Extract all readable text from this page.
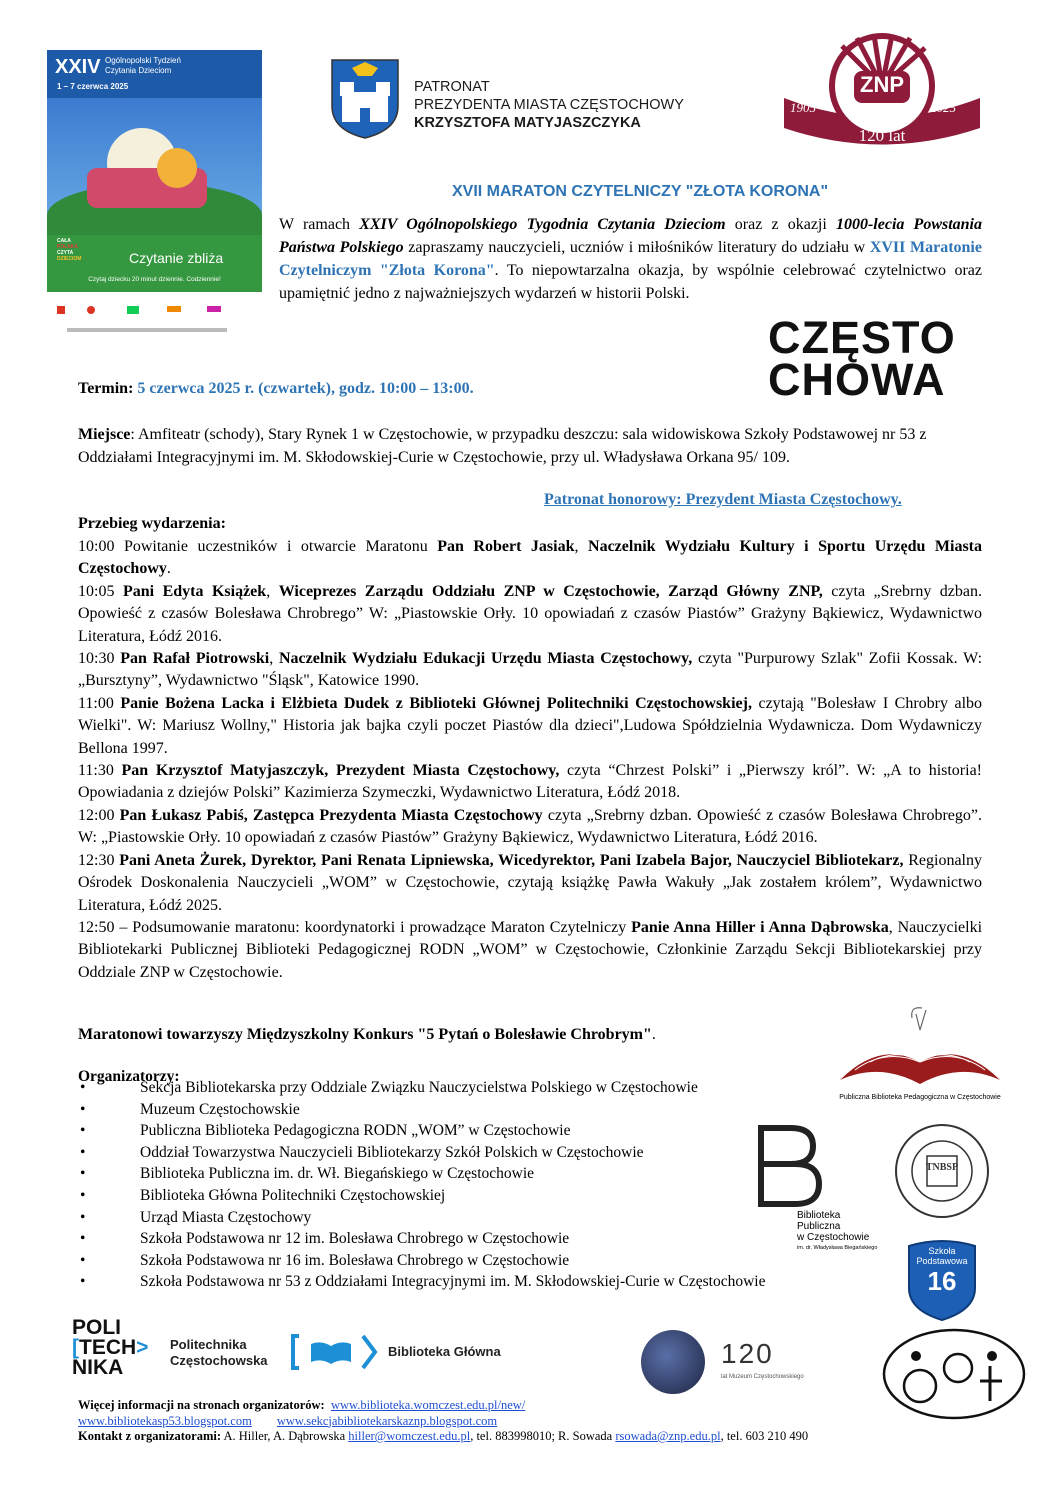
XXIV Ogólnopolski Tydzień
Czytania Dzieciom
1 – 7 czerwca 2025
CAŁA
POLSKA
CZYTA
DZIECIOM	Czytanie zbliża
Czytaj dziecku 20 minut dziennie. Codziennie!
PATRONAT
PREZYDENTA MIASTA CZĘSTOCHOWY
KRZYSZTOFA MATYJASZCZYKA
ZNP
1905	2025
120 lat
XVII MARATON CZYTELNICZY "ZŁOTA KORONA"
W ramach XXIV Ogólnopolskiego Tygodnia Czytania Dzieciom oraz z okazji 1000-lecia Powstania Państwa Polskiego zapraszamy nauczycieli, uczniów i miłośników literatury do udziału w XVII Maratonie Czytelniczym "Złota Korona". To niepowtarzalna okazja, by wspólnie celebrować czytelnictwo oraz upamiętnić jedno z najważniejszych wydarzeń w historii Polski.
CZĘSTO
CHOWA
Termin: 5 czerwca 2025 r. (czwartek), godz. 10:00 – 13:00.
Miejsce: Amfiteatr (schody), Stary Rynek 1 w Częstochowie, w przypadku deszczu: sala widowiskowa Szkoły Podstawowej nr 53 z Oddziałami Integracyjnymi im. M. Skłodowskiej-Curie w Częstochowie, przy ul. Władysława Orkana 95/ 109.
Patronat honorowy: Prezydent Miasta Częstochowy.
Przebieg wydarzenia:

10:00 Powitanie uczestników i otwarcie Maratonu Pan Robert Jasiak, Naczelnik Wydziału Kultury i Sportu Urzędu Miasta Częstochowy.

10:05 Pani Edyta Książek, Wiceprezes Zarządu Oddziału ZNP w Częstochowie, Zarząd Główny ZNP, czyta „Srebrny dzban. Opowieść z czasów Bolesława Chrobrego” W: „Piastowskie Orły. 10 opowiadań z czasów Piastów” Grażyny Bąkiewicz, Wydawnictwo Literatura, Łódź 2016.

10:30 Pan Rafał Piotrowski, Naczelnik Wydziału Edukacji Urzędu Miasta Częstochowy, czyta "Purpurowy Szlak" Zofii Kossak. W: „Bursztyny”, Wydawnictwo "Śląsk", Katowice 1990.

11:00 Panie Bożena Lacka i Elżbieta Dudek z Biblioteki Głównej Politechniki Częstochowskiej, czytają "Bolesław I Chrobry albo Wielki". W: Mariusz Wollny," Historia jak bajka czyli poczet Piastów dla dzieci",Ludowa Spółdzielnia Wydawnicza. Dom Wydawniczy Bellona 1997.

11:30 Pan Krzysztof Matyjaszczyk, Prezydent Miasta Częstochowy, czyta “Chrzest Polski” i „Pierwszy król”. W: „A to historia! Opowiadania z dziejów Polski” Kazimierza Szymeczki, Wydawnictwo Literatura, Łódź 2018.

12:00 Pan Łukasz Pabiś, Zastępca Prezydenta Miasta Częstochowy czyta „Srebrny dzban. Opowieść z czasów Bolesława Chrobrego”. W: „Piastowskie Orły. 10 opowiadań z czasów Piastów” Grażyny Bąkiewicz, Wydawnictwo Literatura, Łódź 2016.

12:30 Pani Aneta Żurek, Dyrektor, Pani Renata Lipniewska, Wicedyrektor, Pani Izabela Bajor, Nauczyciel Bibliotekarz, Regionalny Ośrodek Doskonalenia Nauczycieli „WOM” w Częstochowie, czytają książkę Pawła Wakuły „Jak zostałem królem”, Wydawnictwo Literatura, Łódź 2025.

12:50 – Podsumowanie maratonu: koordynatorki i prowadzące Maraton Czytelniczy Panie Anna Hiller i Anna Dąbrowska, Nauczycielki Bibliotekarki Publicznej Biblioteki Pedagogicznej RODN „WOM” w Częstochowie, Członkinie Zarządu Sekcji Bibliotekarskiej przy Oddziale ZNP w Częstochowie.

Maratonowi towarzyszy Międzyszkolny Konkurs "5 Pytań o Bolesławie Chrobrym".
Organizatorzy:
• Sekcja Bibliotekarska przy Oddziale Związku Nauczycielstwa Polskiego w Częstochowie
• Muzeum Częstochowskie
• Publiczna Biblioteka Pedagogiczna RODN „WOM” w Częstochowie
• Oddział Towarzystwa Nauczycieli Bibliotekarzy Szkół Polskich w Częstochowie
• Biblioteka Publiczna im. dr. Wł. Biegańskiego w Częstochowie
• Biblioteka Główna Politechniki Częstochowskiej
• Urząd Miasta Częstochowy
• Szkoła Podstawowa nr 12 im. Bolesława Chrobrego w Częstochowie
• Szkoła Podstawowa nr 16 im. Bolesława Chrobrego w Częstochowie
• Szkoła Podstawowa nr 53 z Oddziałami Integracyjnymi im. M. Skłodowskiej-Curie w Częstochowie
Publiczna Biblioteka Pedagogiczna w Częstochowie
Biblioteka Publiczna
w Częstochowie
im. dr. Władysława Biegańskiego
TNBSP
Szkoła
Podstawowa
16
POLI
[TECH>
NIKA
Politechnika
Częstochowska
Biblioteka Główna	120
lat Muzeum Częstochowskiego
Więcej informacji na stronach organizatorów: www.biblioteka.womczest.edu.pl/new/
www.bibliotekasp53.blogspot.com www.sekcjabibliotekarskaznp.blogspot.com
Kontakt z organizatorami: A. Hiller, A. Dąbrowska hiller@womczest.edu.pl, tel. 883998010; R. Sowada rsowada@znp.edu.pl, tel. 603 210 490
